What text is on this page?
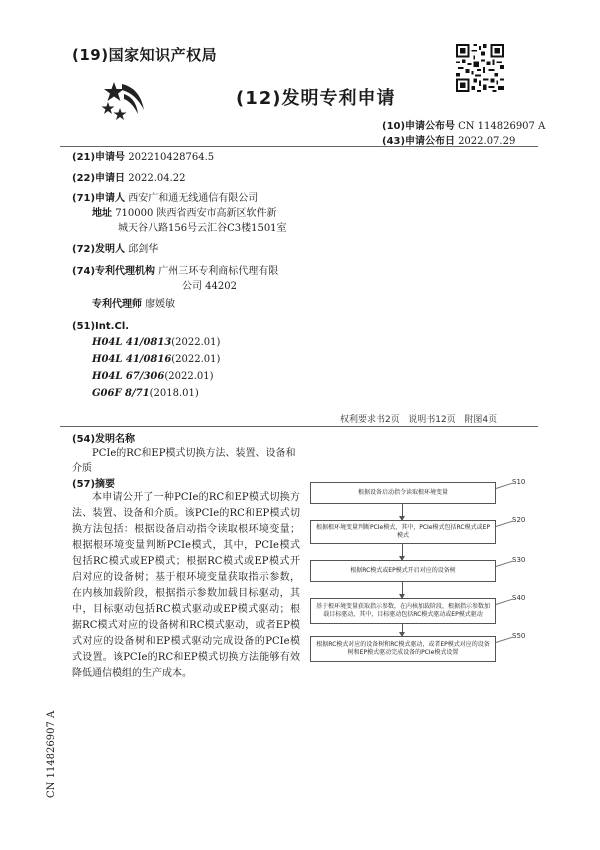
(19)国家知识产权局
(12)发明专利申请
(10)申请公布号 CN 114826907 A
(43)申请公布日 2022.07.29
(21)申请号 202210428764.5
(22)申请日 2022.04.22
(71)申请人 西安广和通无线通信有限公司
地址 710000 陕西省西安市高新区软件新
城天谷八路156号云汇谷C3楼1501室
(72)发明人 邱剑华
(74)专利代理机构 广州三环专利商标代理有限
公司 44202
专利代理师 廖媛敏
(51)Int.Cl.
H04L 41/0813(2022.01)
H04L 41/0816(2022.01)
H04L 67/306(2022.01)
G06F 8/71(2018.01)
权利要求书2页   说明书12页   附图4页
(54)发明名称
PCIe的RC和EP模式切换方法、装置、设备和介质
(57)摘要
本申请公开了一种PCIe的RC和EP模式切换方法、装置、设备和介质。该PCIe的RC和EP模式切换方法包括：根据设备启动指令读取根环境变量；根据根环境变量判断PCIe模式，其中，PCIe模式包括RC模式或EP模式；根据RC模式或EP模式开启对应的设备树；基于根环境变量获取指示参数，在内核加载阶段，根据指示参数加载目标驱动，其中，目标驱动包括RC模式驱动或EP模式驱动；根据RC模式对应的设备树和RC模式驱动，或者EP模式对应的设备树和EP模式驱动完成设备的PCIe模式设置。该PCIe的RC和EP模式切换方法能够有效降低通信模组的生产成本。
CN 114826907 A
根据设备启动指令读取根环境变量
S10
根据根环境变量判断PCIe模式，其中，PCIe模式包括RC模式或EP模式
S20
根据RC模式或EP模式开启对应的设备树
S30
基于根环境变量获取指示参数，在内核加载阶段，根据指示参数加载目标驱动，其中，目标驱动包括RC模式驱动或EP模式驱动
S40
根据RC模式对应的设备树和RC模式驱动，或者EP模式对应的设备树和EP模式驱动完成设备的PCIe模式设置
S50
